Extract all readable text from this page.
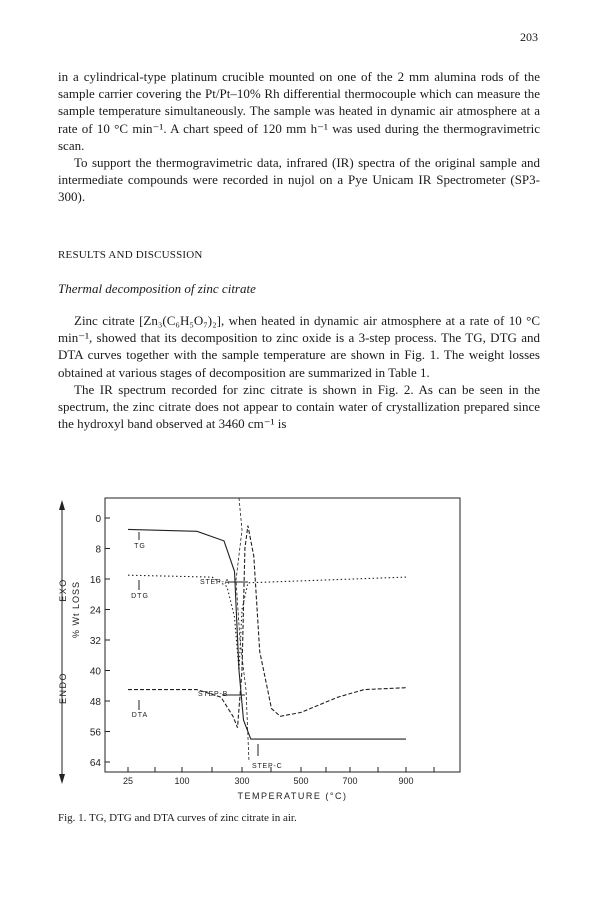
203

in a cylindrical-type platinum crucible mounted on one of the 2 mm alumina rods of the sample carrier covering the Pt/Pt–10% Rh differential thermocouple which can measure the sample temperature simultaneously. The sample was heated in dynamic air atmosphere at a rate of 10 °C min⁻¹. A chart speed of 120 mm h⁻¹ was used during the thermogravimetric scan.

To support the thermogravimetric data, infrared (IR) spectra of the original sample and intermediate compounds were recorded in nujol on a Pye Unicam IR Spectrometer (SP3-300).

RESULTS AND DISCUSSION
Thermal decomposition of zinc citrate

Zinc citrate [Zn₃(C₆H₅O₇)₂], when heated in dynamic air atmosphere at a rate of 10 °C min⁻¹, showed that its decomposition to zinc oxide is a 3-step process. The TG, DTG and DTA curves together with the sample temperature are shown in Fig. 1. The weight losses obtained at various stages of decomposition are summarized in Table 1.

The IR spectrum recorded for zinc citrate is shown in Fig. 2. As can be seen in the spectrum, the zinc citrate does not appear to contain water of crystallization prepared since the hydroxyl band observed at 3460 cm⁻¹ is

0
8
16
24
32
40
48
56
64
25	100	300	500	700	900
TEMPERATURE (°C)
% Wt LOSS
EXO
ENDO
TG
DTG
DTA
STEP-A
STEP-B
STEP-C
Fig. 1. TG, DTG and DTA curves of zinc citrate in air.
